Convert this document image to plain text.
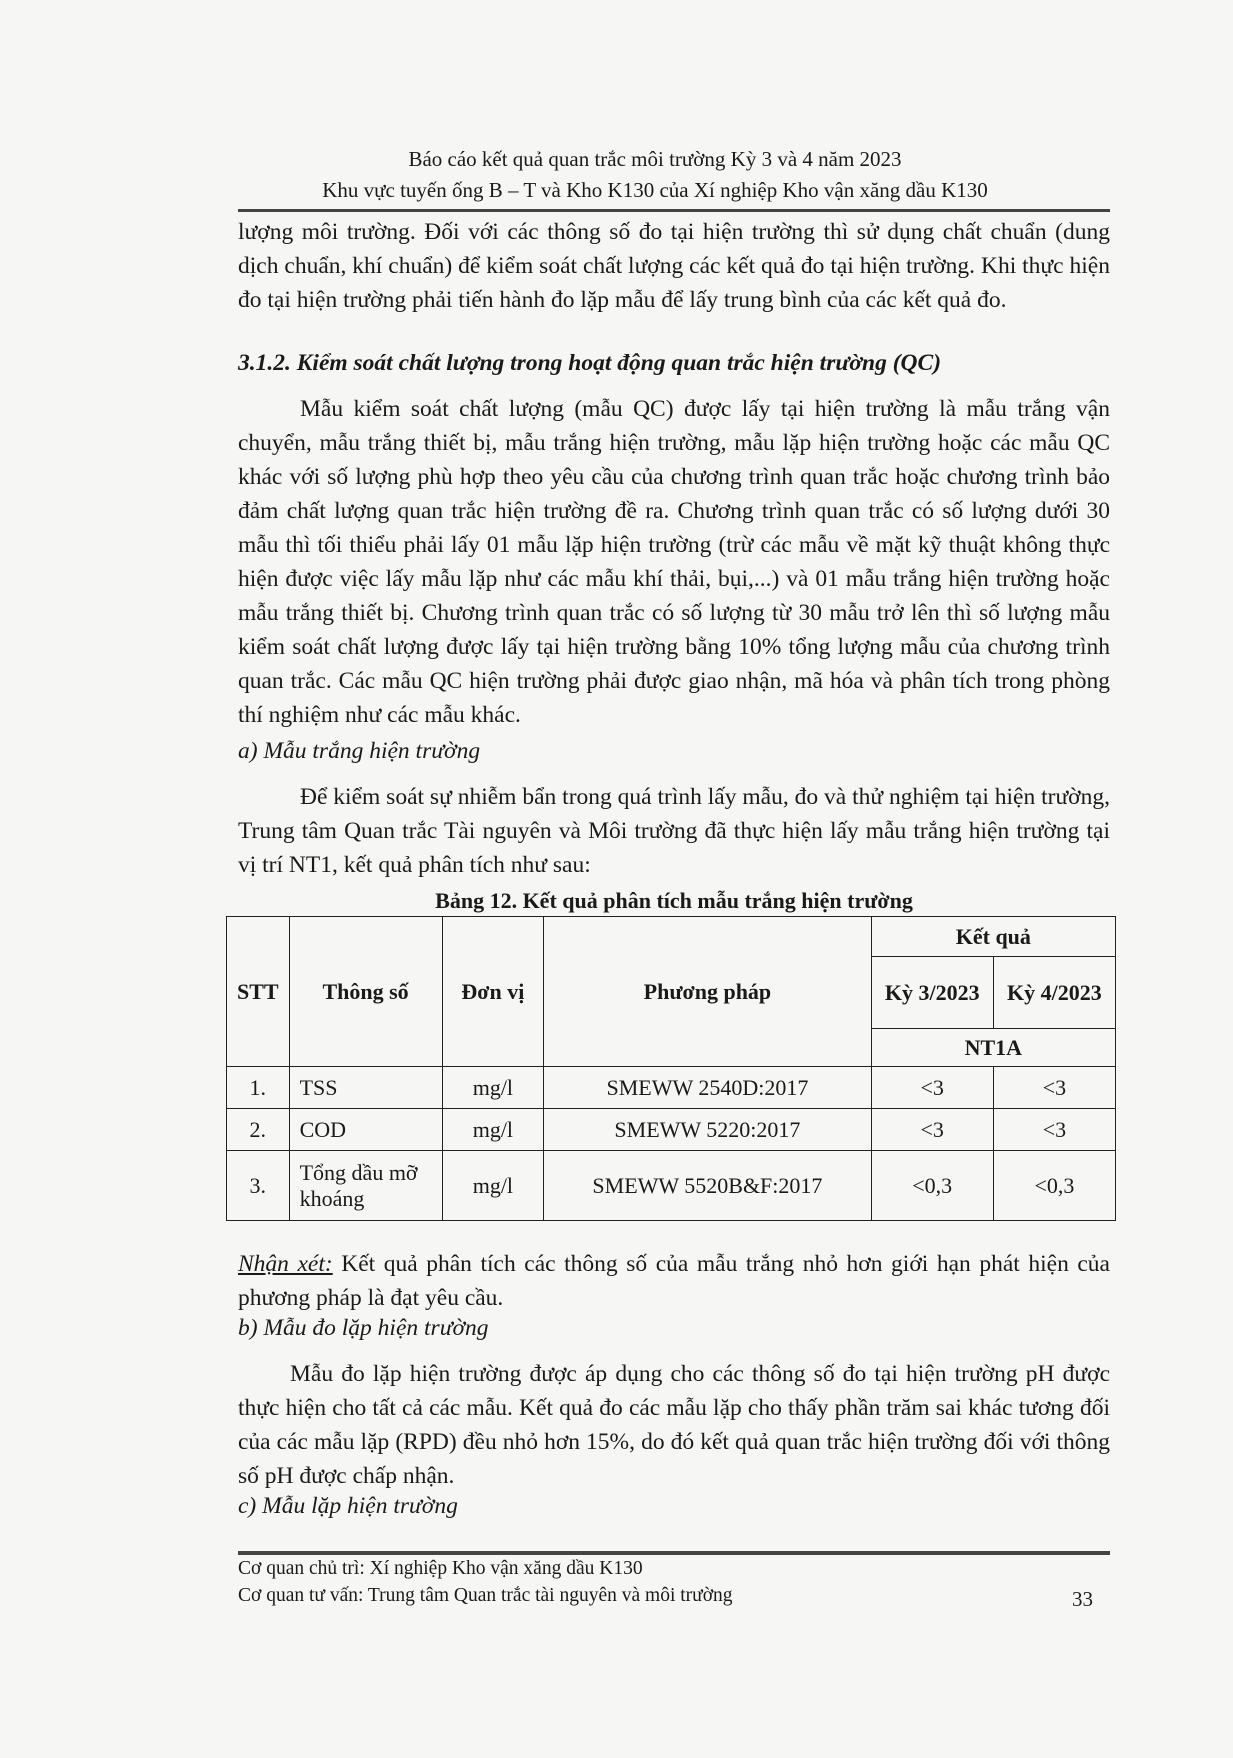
Báo cáo kết quả quan trắc môi trường Kỳ 3 và 4 năm 2023
Khu vực tuyến ống B – T và Kho K130 của Xí nghiệp Kho vận xăng dầu K130
lượng môi trường. Đối với các thông số đo tại hiện trường thì sử dụng chất chuẩn (dung dịch chuẩn, khí chuẩn) để kiểm soát chất lượng các kết quả đo tại hiện trường. Khi thực hiện đo tại hiện trường phải tiến hành đo lặp mẫu để lấy trung bình của các kết quả đo.
3.1.2. Kiểm soát chất lượng trong hoạt động quan trắc hiện trường (QC)
Mẫu kiểm soát chất lượng (mẫu QC) được lấy tại hiện trường là mẫu trắng vận chuyển, mẫu trắng thiết bị, mẫu trắng hiện trường, mẫu lặp hiện trường hoặc các mẫu QC khác với số lượng phù hợp theo yêu cầu của chương trình quan trắc hoặc chương trình bảo đảm chất lượng quan trắc hiện trường đề ra. Chương trình quan trắc có số lượng dưới 30 mẫu thì tối thiểu phải lấy 01 mẫu lặp hiện trường (trừ các mẫu về mặt kỹ thuật không thực hiện được việc lấy mẫu lặp như các mẫu khí thải, bụi,...) và 01 mẫu trắng hiện trường hoặc mẫu trắng thiết bị. Chương trình quan trắc có số lượng từ 30 mẫu trở lên thì số lượng mẫu kiểm soát chất lượng được lấy tại hiện trường bằng 10% tổng lượng mẫu của chương trình quan trắc. Các mẫu QC hiện trường phải được giao nhận, mã hóa và phân tích trong phòng thí nghiệm như các mẫu khác.
a) Mẫu trắng hiện trường
Để kiểm soát sự nhiễm bẩn trong quá trình lấy mẫu, đo và thử nghiệm tại hiện trường, Trung tâm Quan trắc Tài nguyên và Môi trường đã thực hiện lấy mẫu trắng hiện trường tại vị trí NT1, kết quả phân tích như sau:
Bảng 12. Kết quả phân tích mẫu trắng hiện trường
STT	Thông số	Đơn vị	Phương pháp	Kết quả	
				Kỳ 3/2023	Kỳ 4/2023
				NT1A	
1.	TSS	mg/l	SMEWW 2540D:2017	<3	<3
2.	COD	mg/l	SMEWW 5220:2017	<3	<3
3.	Tổng dầu mỡ khoáng	mg/l	SMEWW 5520B&F:2017	<0,3	<0,3
Nhận xét: Kết quả phân tích các thông số của mẫu trắng nhỏ hơn giới hạn phát hiện của phương pháp là đạt yêu cầu.
b) Mẫu đo lặp hiện trường
Mẫu đo lặp hiện trường được áp dụng cho các thông số đo tại hiện trường pH được thực hiện cho tất cả các mẫu. Kết quả đo các mẫu lặp cho thấy phần trăm sai khác tương đối của các mẫu lặp (RPD) đều nhỏ hơn 15%, do đó kết quả quan trắc hiện trường đối với thông số pH được chấp nhận.
c) Mẫu lặp hiện trường
Cơ quan chủ trì: Xí nghiệp Kho vận xăng dầu K130
Cơ quan tư vấn: Trung tâm Quan trắc tài nguyên và môi trường	33
